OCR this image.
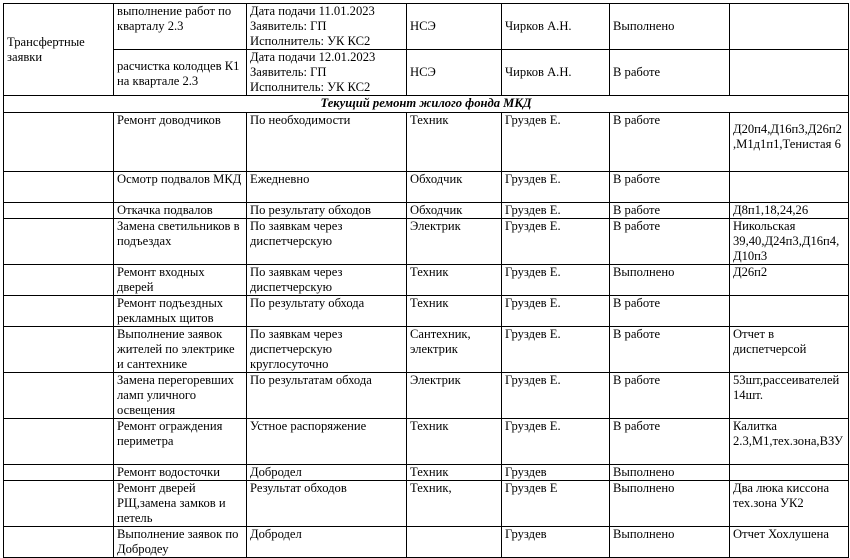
Трансфертные заявки	выполнение работ по кварталу 2.3	Дата подачи 11.01.2023
Заявитель: ГП
Исполнитель: УК КС2	НСЭ	Чирков А.Н.	Выполнено	
	расчистка колодцев К1 на квартале 2.3	Дата подачи 12.01.2023
Заявитель: ГП
Исполнитель: УК КС2	НСЭ	Чирков А.Н.	В работе	
Текущий ремонт жилого фонда МКД						
	Ремонт доводчиков	По необходимости	Техник	Груздев Е.	В работе	Д20п4,Д16п3,Д26п2,М1д1п1,Тенистая 6
	Осмотр подвалов МКД	Ежедневно	Обходчик	Груздев Е.	В работе	
	Откачка подвалов	По результату обходов	Обходчик	Груздев Е.	В работе	Д8п1,18,24,26
	Замена светильников в подъездах	По заявкам через диспетчерскую	Электрик	Груздев Е.	В работе	Никольская 39,40,Д24п3,Д16п4,Д10п3
	Ремонт входных дверей	По заявкам через диспетчерскую	Техник	Груздев Е.	Выполнено	Д26п2
	Ремонт подъездных рекламных щитов	По результату обхода	Техник	Груздев Е.	В работе	
	Выполнение заявок жителей по электрике и сантехнике	По заявкам через диспетчерскую круглосуточно	Сантехник, электрик	Груздев Е.	В работе	Отчет в диспетчерсой
	Замена перегоревших ламп уличного освещения	По результатам обхода	Электрик	Груздев Е.	В работе	53шт,рассеивателей 14шт.
	Ремонт ограждения периметра	Устное распоряжение	Техник	Груздев Е.	В работе	Калитка 2.3,М1,тех.зона,ВЗУ
	Ремонт водосточки	Добродел	Техник	Груздев	Выполнено	
	Ремонт дверей РЩ,замена замков и петель	Результат обходов	Техник,	Груздев Е	Выполнено	Два люка киссона тех.зона УК2
	Выполнение заявок по Добродеу	Добродел		Груздев	Выполнено	Отчет Хохлушена
